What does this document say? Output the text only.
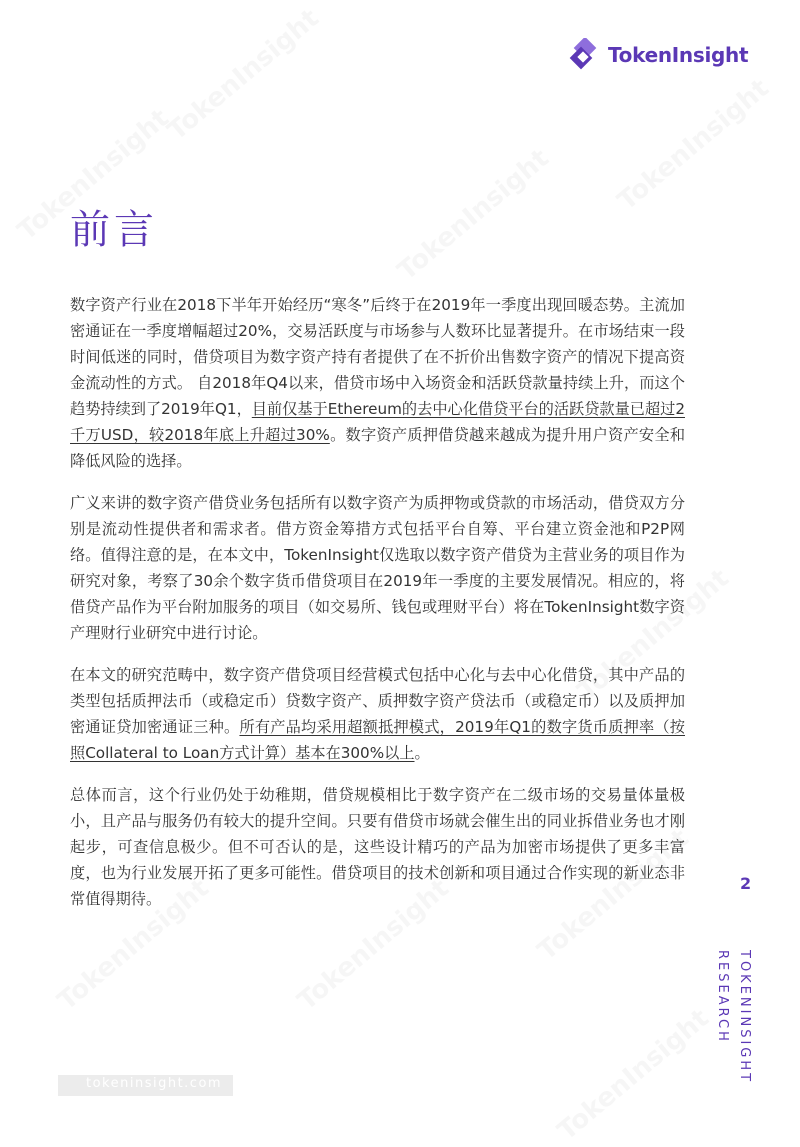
TokenInsight
前言

数字资产行业在2018下半年开始经历“寒冬”后终于在2019年一季度出现回暖态势。主流加密通证在一季度增幅超过20%，交易活跃度与市场参与人数环比显著提升。在市场结束一段时间低迷的同时，借贷项目为数字资产持有者提供了在不折价出售数字资产的情况下提高资金流动性的方式。 自2018年Q4以来，借贷市场中入场资金和活跃贷款量持续上升，而这个趋势持续到了2019年Q1，目前仅基于Ethereum的去中心化借贷平台的活跃贷款量已超过2千万USD，较2018年底上升超过30%。数字资产质押借贷越来越成为提升用户资产安全和降低风险的选择。

广义来讲的数字资产借贷业务包括所有以数字资产为质押物或贷款的市场活动，借贷双方分别是流动性提供者和需求者。借方资金筹措方式包括平台自筹、平台建立资金池和P2P网络。值得注意的是，在本文中，TokenInsight仅选取以数字资产借贷为主营业务的项目作为研究对象，考察了30余个数字货币借贷项目在2019年一季度的主要发展情况。相应的，将借贷产品作为平台附加服务的项目（如交易所、钱包或理财平台）将在TokenInsight数字资产理财行业研究中进行讨论。

在本文的研究范畴中，数字资产借贷项目经营模式包括中心化与去中心化借贷，其中产品的类型包括质押法币（或稳定币）贷数字资产、质押数字资产贷法币（或稳定币）以及质押加密通证贷加密通证三种。所有产品均采用超额抵押模式，2019年Q1的数字货币质押率（按照Collateral to Loan方式计算）基本在300%以上。

总体而言，这个行业仍处于幼稚期，借贷规模相比于数字资产在二级市场的交易量体量极小，且产品与服务仍有较大的提升空间。只要有借贷市场就会催生出的同业拆借业务也才刚起步，可查信息极少。但不可否认的是，这些设计精巧的产品为加密市场提供了更多丰富度，也为行业发展开拓了更多可能性。借贷项目的技术创新和项目通过合作实现的新业态非常值得期待。

2
RESEARCH TOKENINSIGHT
tokeninsight.com
